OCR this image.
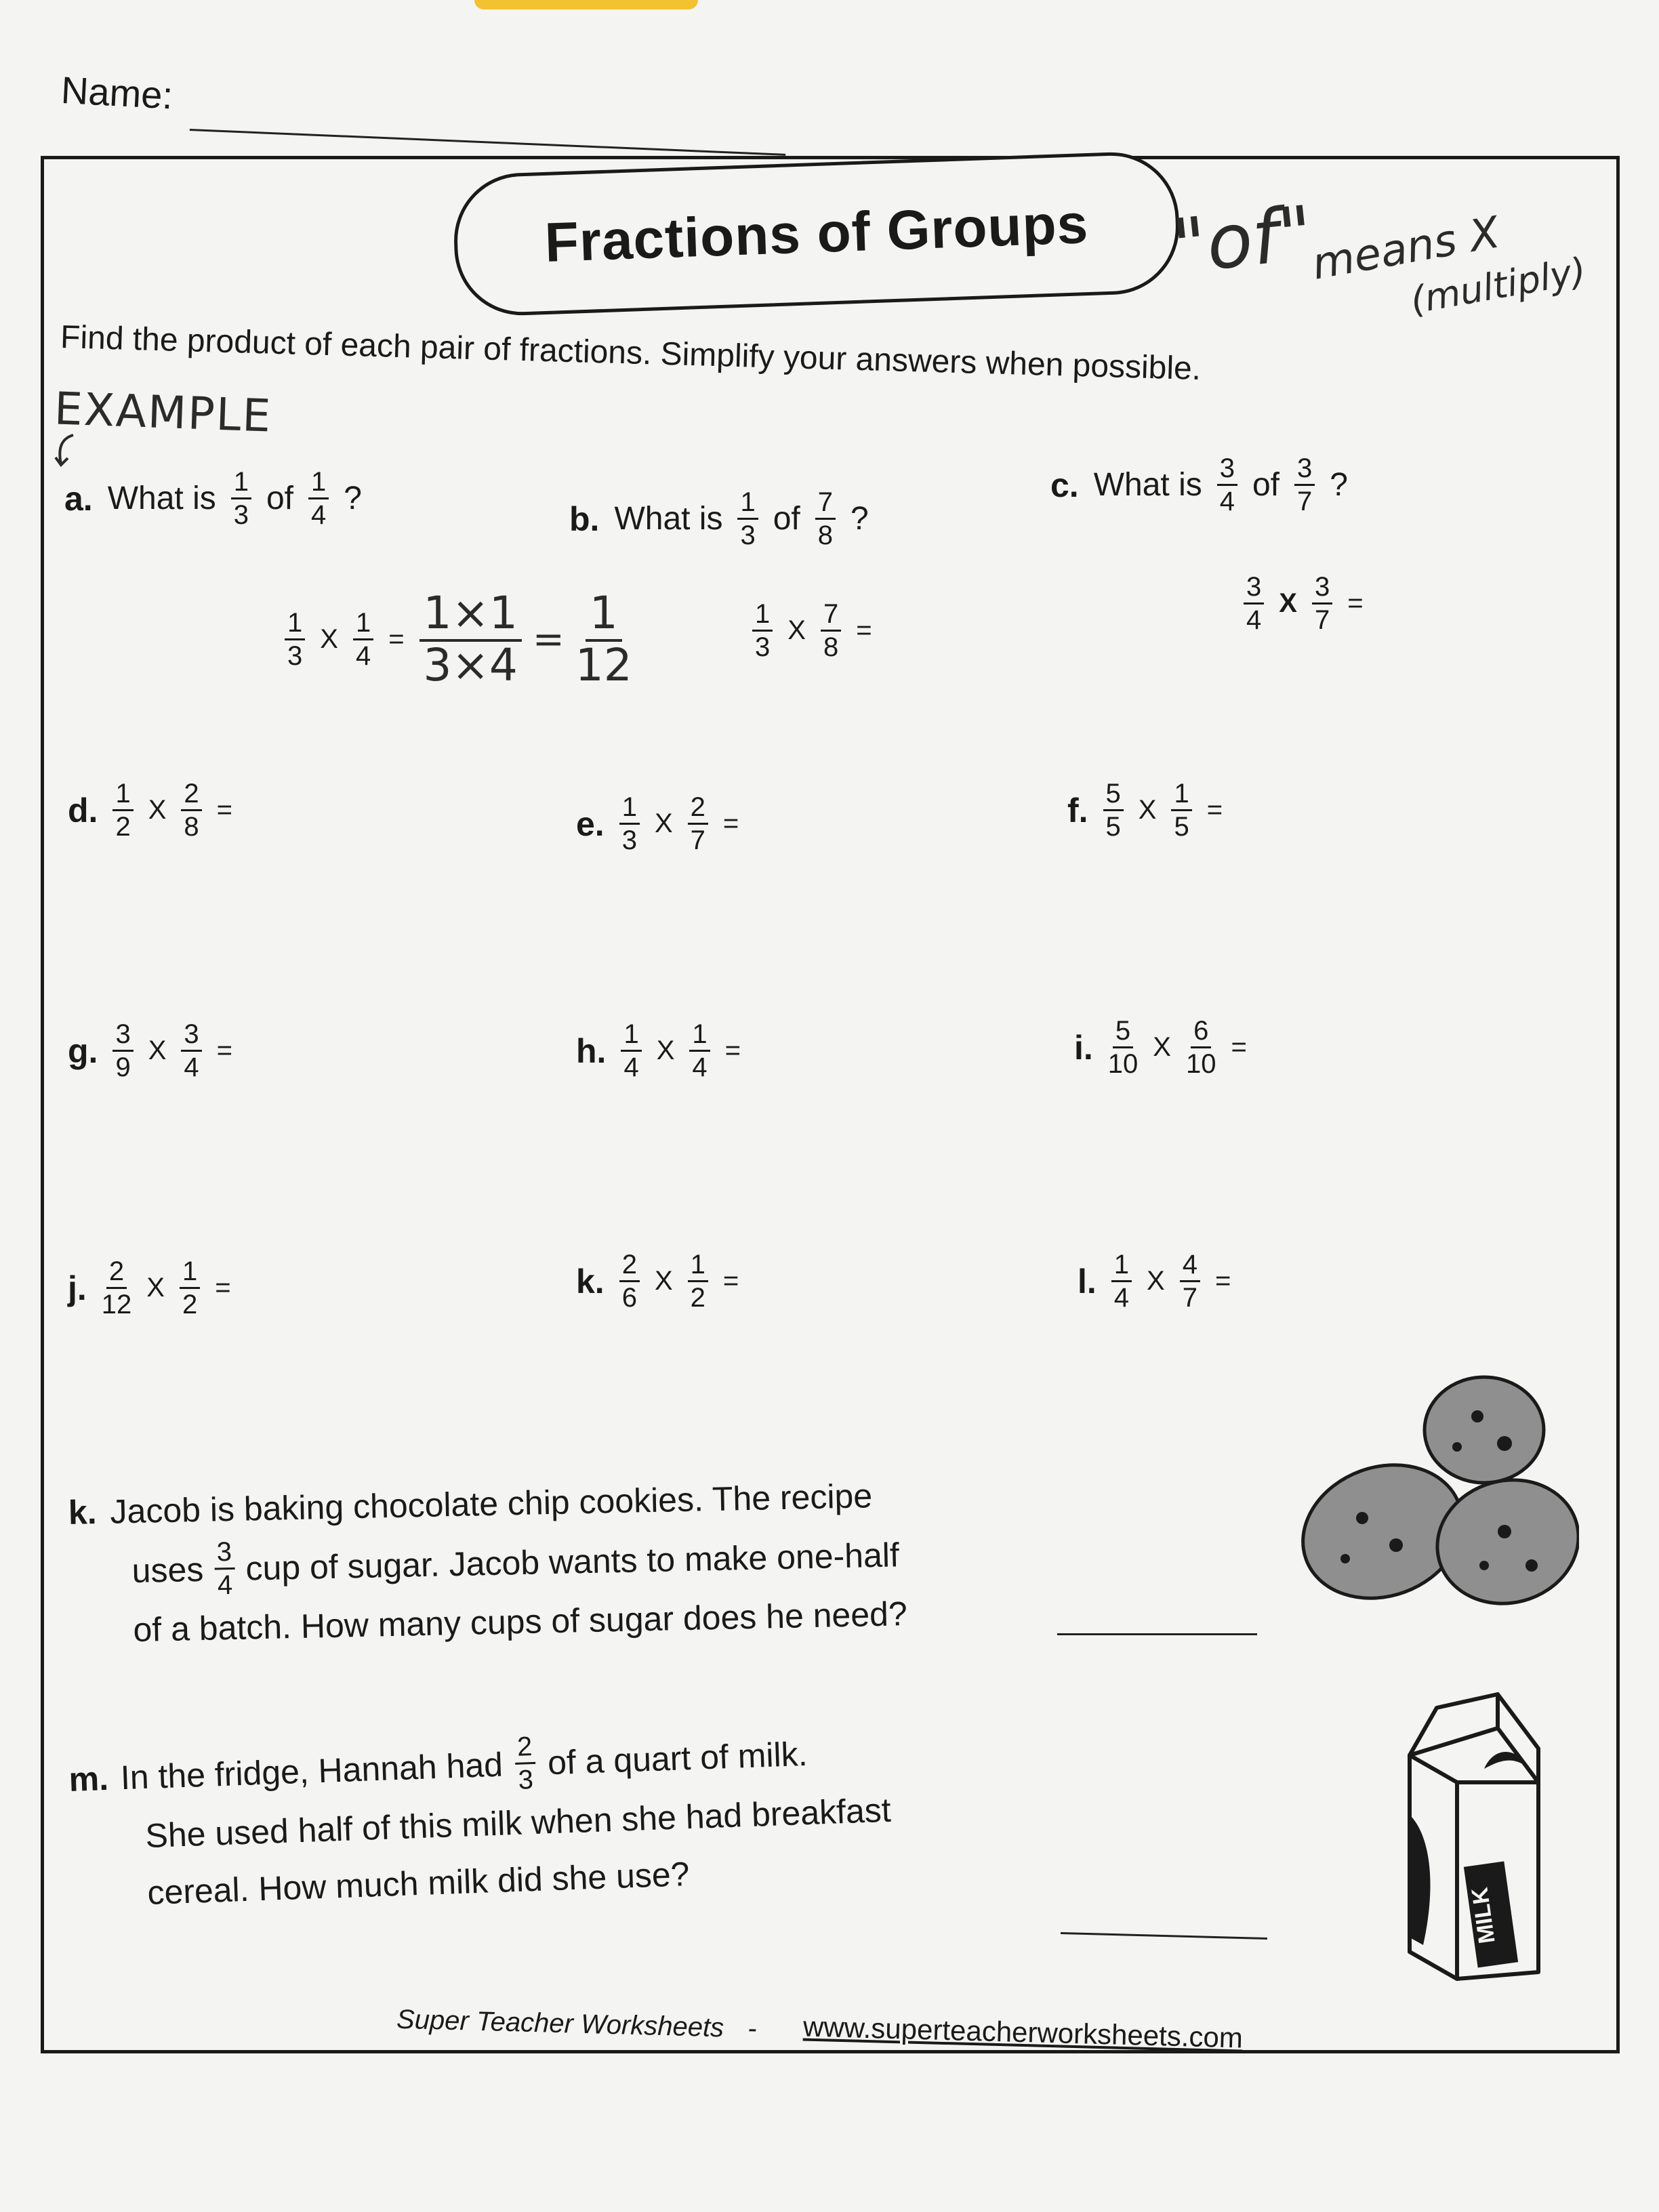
Name:
Fractions of Groups "of"
means X
(multiply)
Find the product of each pair of fractions. Simplify your answers when possible.
EXAMPLE
a. What is $\frac{1}{3}$ of $\frac{1}{4}$ ?
b. What is $\frac{1}{3}$ of $\frac{7}{8}$ ?
c. What is $\frac{3}{4}$ of $\frac{3}{7}$ ?
$\frac{1}{3}$ X $\frac{1}{4} = \frac{1\times 1}{3\times 4} = \frac{1}{12}$	$\frac{1}{3}$ X $\frac{7}{8}$ =	$\frac{3}{4}$ X $\frac{3}{7}$ =
d. $\frac{1}{2}$ X $\frac{2}{8}$ =	e. $\frac{1}{3}$ X $\frac{2}{7}$ =	f. $\frac{5}{5}$ X $\frac{1}{5}$ =
g. $\frac{3}{9}$ X $\frac{3}{4}$ =	h. $\frac{1}{4}$ X $\frac{1}{4}$ =	i. $\frac{5}{10}$ X $\frac{6}{10}$ =
j. $\frac{2}{12}$ X $\frac{1}{2}$ =	k. $\frac{2}{6}$ X $\frac{1}{2}$ =	l. $\frac{1}{4}$ X $\frac{4}{7}$ =
k. Jacob is baking chocolate chip cookies. The recipe
uses $\frac{3}{4}$ cup of sugar. Jacob wants to make one-half
of a batch. How many cups of sugar does he need?
m. In the fridge, Hannah had $\frac{2}{3}$ of a quart of milk.
She used half of this milk when she had breakfast
cereal. How much milk did she use?
MILK
Super Teacher Worksheets -	www.superteacherworksheets.com
